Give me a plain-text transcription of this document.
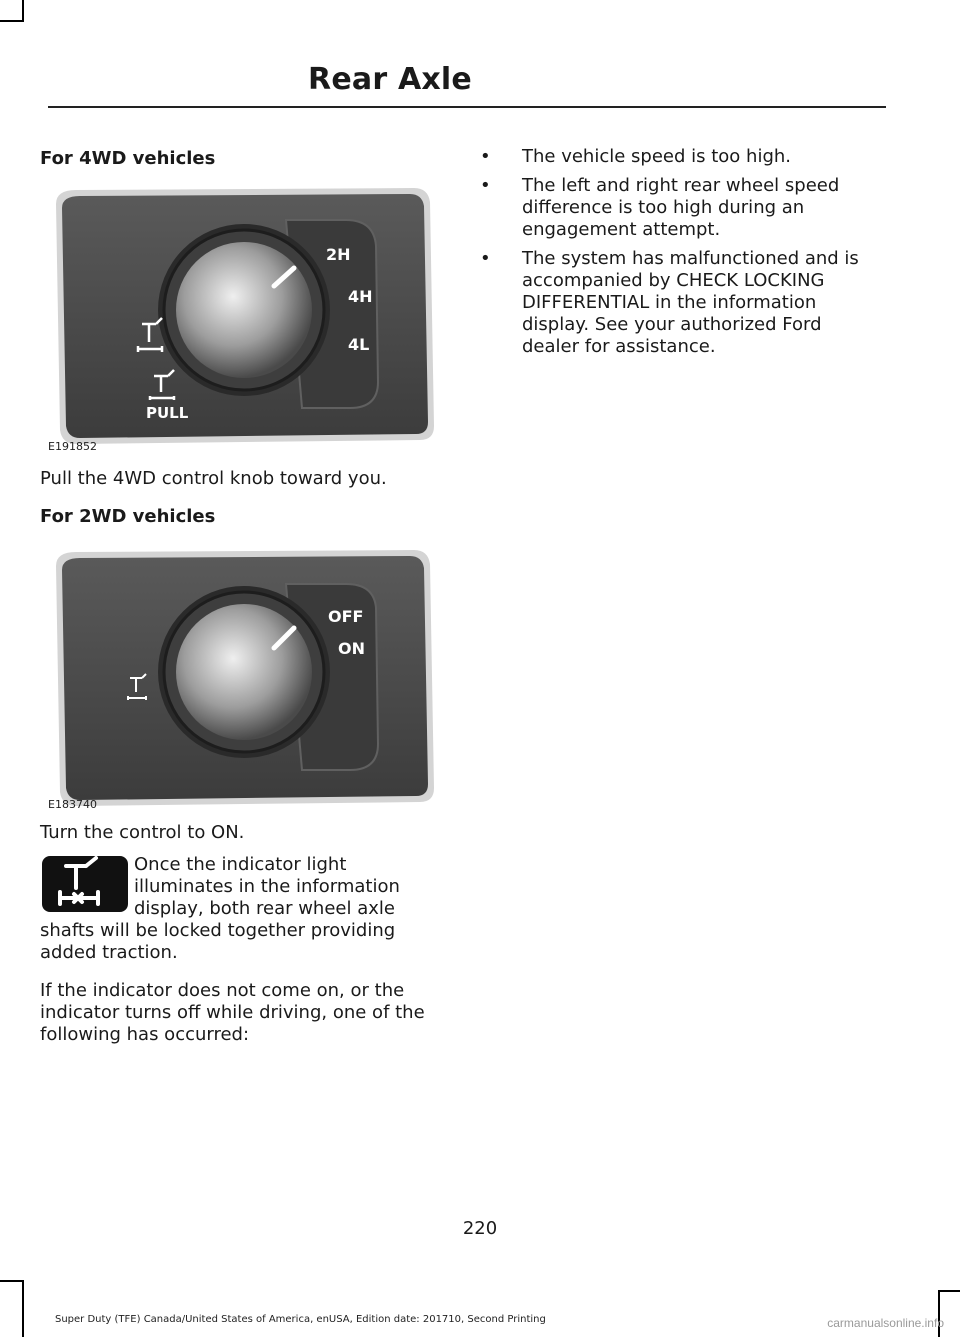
Rear Axle
For 4WD vehicles
2H
4H
4L
PULL
E191852
Pull the 4WD control knob toward you.
For 2WD vehicles
OFF
ON
E183740
Turn the control to ON.
Once the indicator light illuminates in the information display, both rear wheel axle shafts will be locked together providing added traction.
If the indicator does not come on, or the indicator turns off while driving, one of the following has occurred:
• The vehicle speed is too high.
• The left and right rear wheel speed difference is too high during an engagement attempt.
• The system has malfunctioned and is accompanied by CHECK LOCKING DIFFERENTIAL in the information display. See your authorized Ford dealer for assistance.
220
Super Duty (TFE) Canada/United States of America, enUSA, Edition date: 201710, Second Printing	carmanualsonline.info
